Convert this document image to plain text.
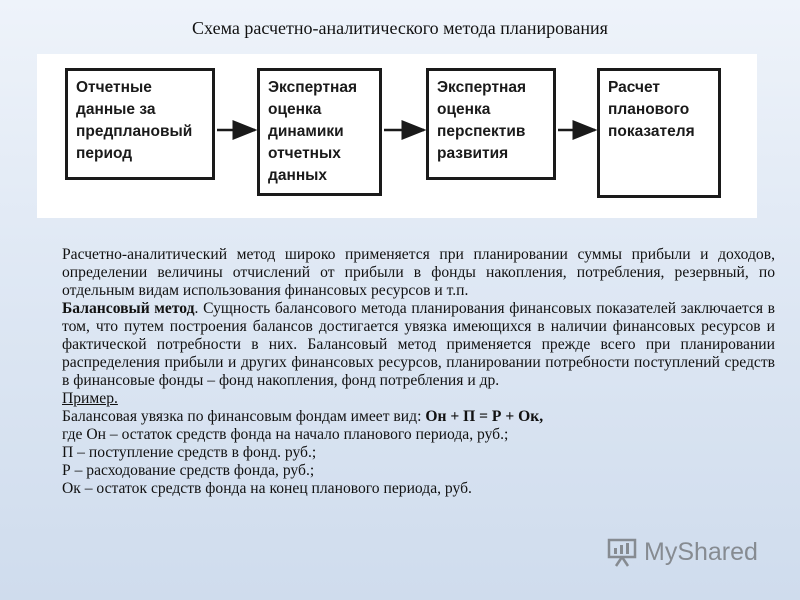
Схема расчетно-аналитического метода планирования
Отчетные
данные за
предплановый
период
Экспертная
оценка
динамики
отчетных
данных
Экспертная
оценка
перспектив
развития
Расчет
планового
показателя

Расчетно-аналитический метод широко применяется при планировании суммы прибыли и доходов, определении величины отчислений от прибыли в фонды накопления, потребления, резервный, по отдельным видам использования финансовых ресурсов и т.п.

Балансовый метод. Сущность балансового метода планирования финансовых показателей заключается в том, что путем построения балансов достигается увязка имеющихся в наличии финансовых ресурсов и фактической потребности в них. Балансовый метод применяется прежде всего при планировании распределения прибыли и других финансовых ресурсов, планировании потребности поступлений средств в финансовые фонды – фонд накопления, фонд потребления и др.

Пример.

Балансовая увязка по финансовым фондам имеет вид: Он + П = Р + Ок,

где Он – остаток средств фонда на начало планового периода, руб.;

П – поступление средств в фонд. руб.;

Р – расходование средств фонда, руб.;

Ок – остаток средств фонда на конец планового периода, руб.

MyShared
